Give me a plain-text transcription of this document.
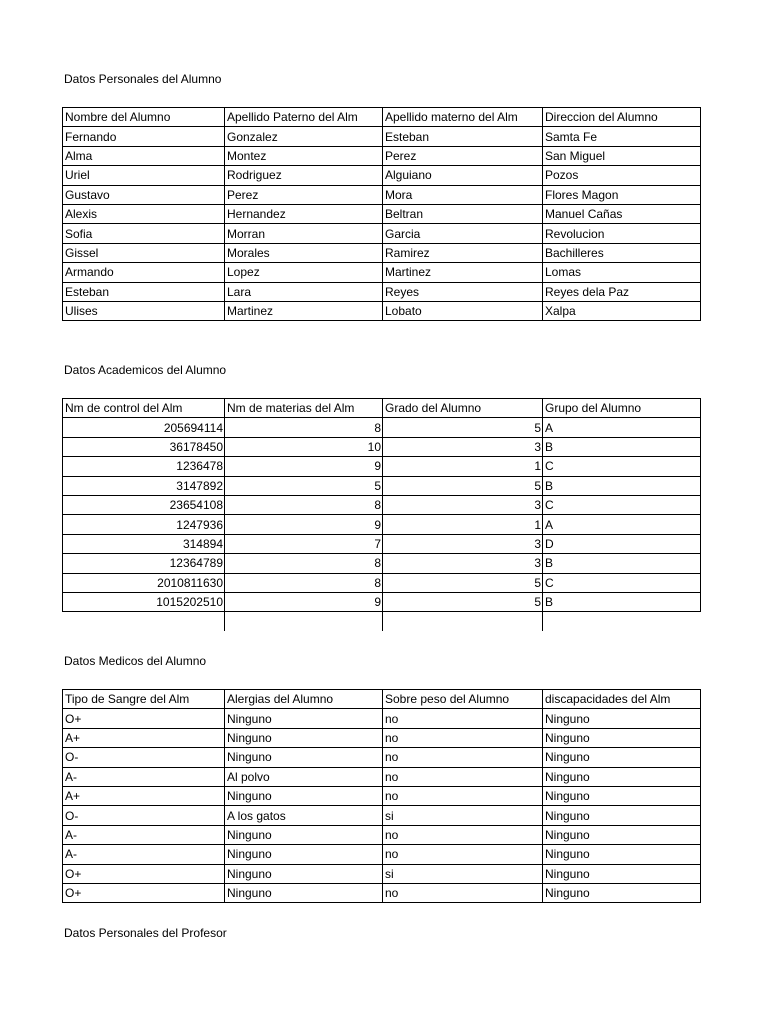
Datos Personales del Alumno
Nombre del Alumno	Apellido Paterno del Alm	Apellido materno del Alm	Direccion del Alumno
Fernando	Gonzalez	Esteban	Samta Fe
Alma	Montez	Perez	San Miguel
Uriel	Rodriguez	Alguiano	Pozos
Gustavo	Perez	Mora	Flores Magon
Alexis	Hernandez	Beltran	Manuel Cañas
Sofia	Morran	Garcia	Revolucion
Gissel	Morales	Ramirez	Bachilleres
Armando	Lopez	Martinez	Lomas
Esteban	Lara	Reyes	Reyes dela Paz
Ulises	Martinez	Lobato	Xalpa
Datos Academicos del Alumno
Nm de control del Alm	Nm de materias del Alm	Grado del Alumno	Grupo del Alumno
205694114	8	5	A
36178450	10	3	B
1236478	9	1	C
3147892	5	5	B
23654108	8	3	C
1247936	9	1	A
314894	7	3	D
12364789	8	3	B
2010811630	8	5	C
1015202510	9	5	B

Datos Medicos del Alumno
Tipo de Sangre del Alm	Alergias del Alumno	Sobre peso del Alumno	discapacidades del Alm
O+	Ninguno	no	Ninguno
A+	Ninguno	no	Ninguno
O-	Ninguno	no	Ninguno
A-	Al polvo	no	Ninguno
A+	Ninguno	no	Ninguno
O-	A los gatos	si	Ninguno
A-	Ninguno	no	Ninguno
A-	Ninguno	no	Ninguno
O+	Ninguno	si	Ninguno
O+	Ninguno	no	Ninguno
Datos Personales del Profesor
